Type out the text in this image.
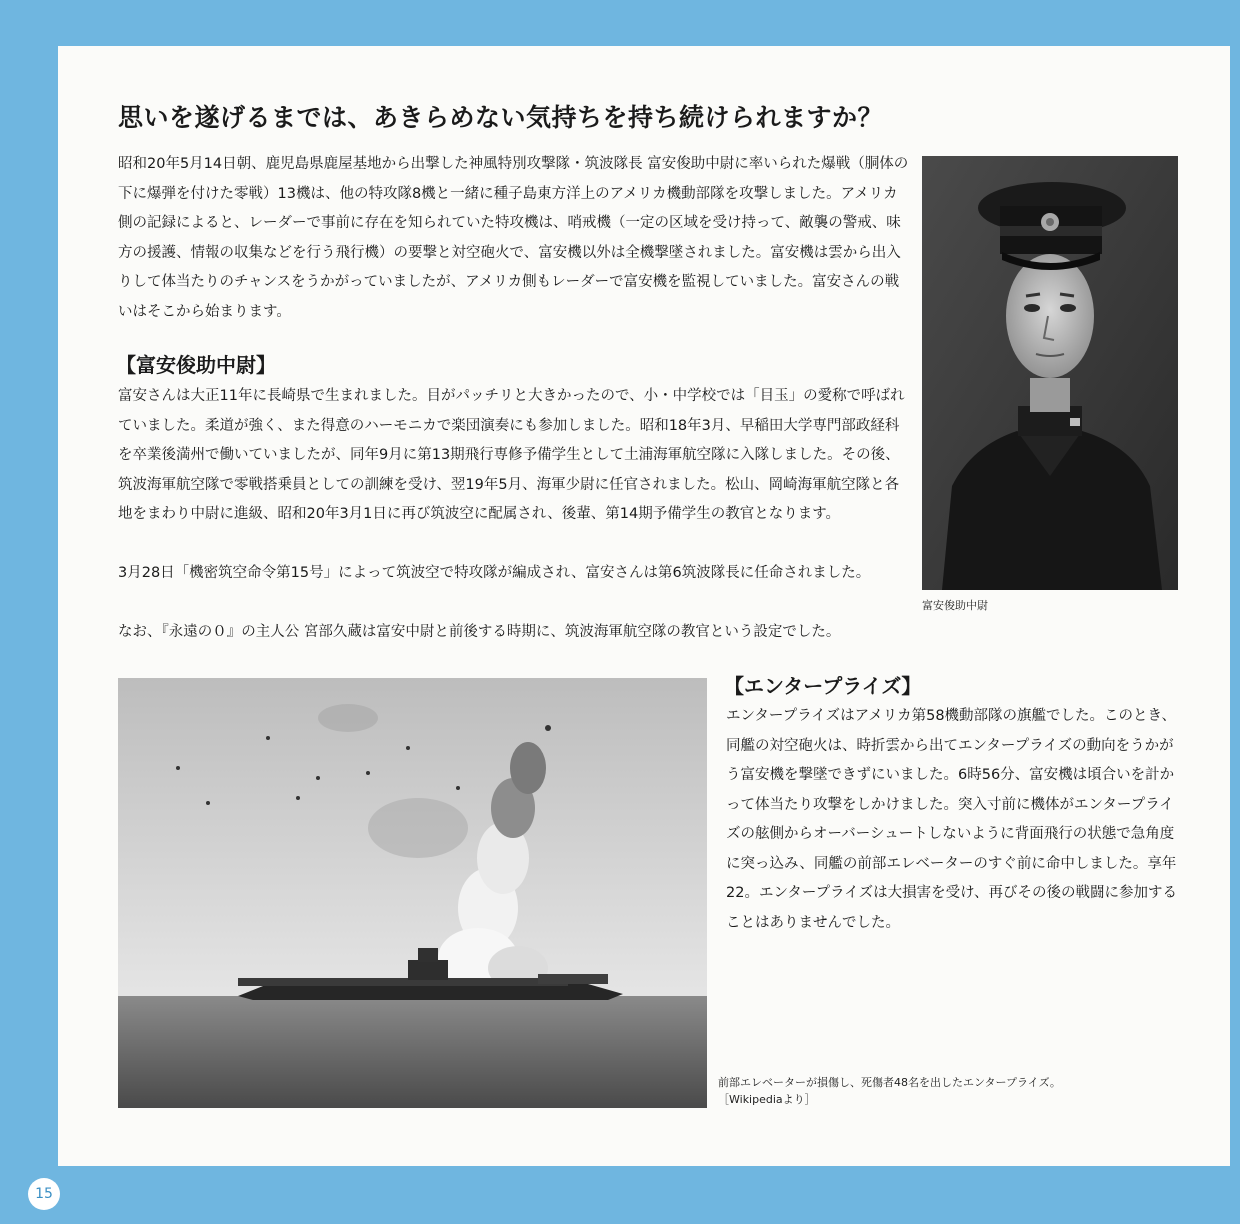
思いを遂げるまでは、あきらめない気持ちを持ち続けられますか？

昭和20年5月14日朝、鹿児島県鹿屋基地から出撃した神風特別攻撃隊・筑波隊長 富安俊助中尉に率いられた爆戦（胴体の下に爆弾を付けた零戦）13機は、他の特攻隊8機と一緒に種子島東方洋上のアメリカ機動部隊を攻撃しました。アメリカ側の記録によると、レーダーで事前に存在を知られていた特攻機は、哨戒機（一定の区域を受け持って、敵襲の警戒、味方の援護、情報の収集などを行う飛行機）の要撃と対空砲火で、富安機以外は全機撃墜されました。富安機は雲から出入りして体当たりのチャンスをうかがっていましたが、アメリカ側もレーダーで富安機を監視していました。富安さんの戦いはそこから始まります。

【富安俊助中尉】

富安さんは大正11年に長崎県で生まれました。目がパッチリと大きかったので、小・中学校では「目玉」の愛称で呼ばれていました。柔道が強く、また得意のハーモニカで楽団演奏にも参加しました。昭和18年3月、早稲田大学専門部政経科を卒業後満州で働いていましたが、同年9月に第13期飛行専修予備学生として土浦海軍航空隊に入隊しました。その後、筑波海軍航空隊で零戦搭乗員としての訓練を受け、翌19年5月、海軍少尉に任官されました。松山、岡崎海軍航空隊と各地をまわり中尉に進級、昭和20年3月1日に再び筑波空に配属され、後輩、第14期予備学生の教官となります。

3月28日「機密筑空命令第15号」によって筑波空で特攻隊が編成され、富安さんは第6筑波隊長に任命されました。

なお、『永遠の０』の主人公 宮部久蔵は富安中尉と前後する時期に、筑波海軍航空隊の教官という設定でした。

富安俊助中尉
【エンタープライズ】

エンタープライズはアメリカ第58機動部隊の旗艦でした。このとき、同艦の対空砲火は、時折雲から出てエンタープライズの動向をうかがう富安機を撃墜できずにいました。6時56分、富安機は頃合いを計かって体当たり攻撃をしかけました。突入寸前に機体がエンタープライズの舷側からオーバーシュートしないように背面飛行の状態で急角度に突っ込み、同艦の前部エレベーターのすぐ前に命中しました。享年22。エンタープライズは大損害を受け、再びその後の戦闘に参加することはありませんでした。

前部エレベーターが損傷し、死傷者48名を出したエンタープライズ。
［Wikipediaより］
15
